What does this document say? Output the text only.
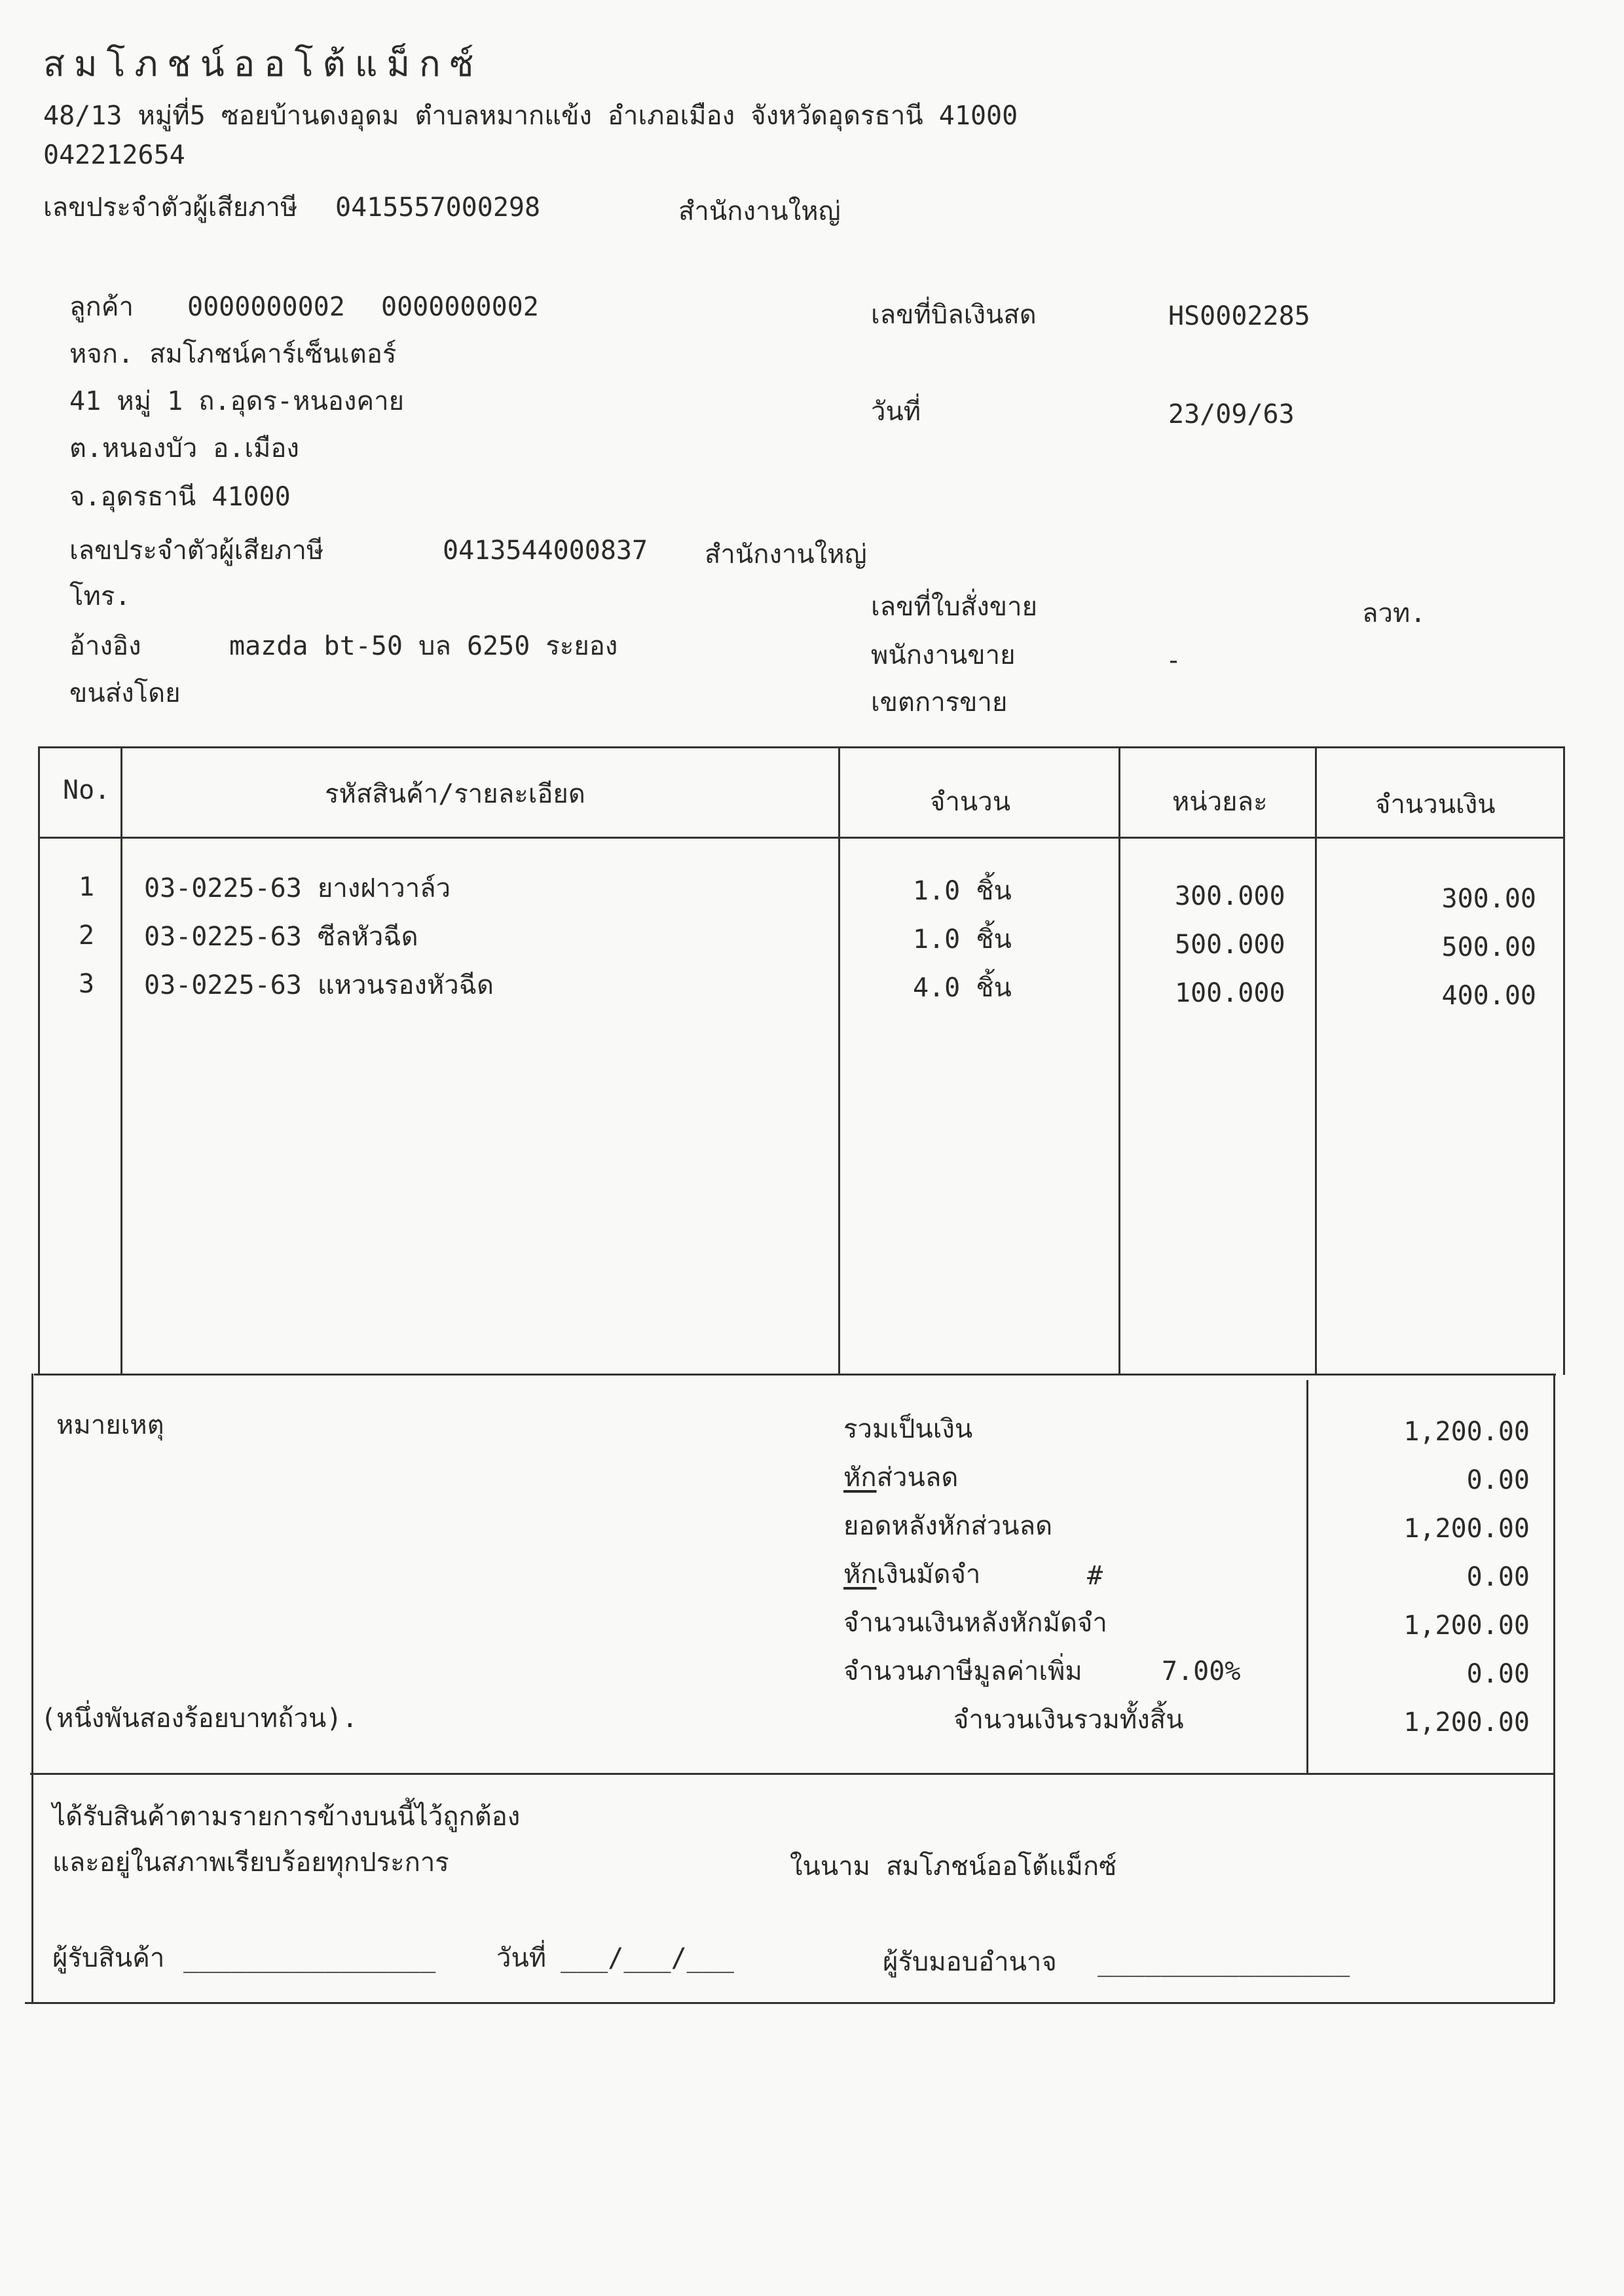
สมโภชน์ออโต้แม็กซ์
48/13 หมู่ที่5 ซอยบ้านดงอุดม ตำบลหมากแข้ง อำเภอเมือง จังหวัดอุดรธานี 41000
042212654
เลขประจำตัวผู้เสียภาษี 0415557000298	สำนักงานใหญ่
ลูกค้า 0000000002 0000000002
หจก. สมโภชน์คาร์เซ็นเตอร์
41 หมู่ 1 ถ.อุดร-หนองคาย
ต.หนองบัว อ.เมือง
จ.อุดรธานี 41000
เลขประจำตัวผู้เสียภาษี	0413544000837 สำนักงานใหญ่
โทร.
อ้างอิง	mazda bt-50 บล 6250 ระยอง
ขนส่งโดย
เลขที่บิลเงินสด	HS0002285
วันที่	23/09/63
เลขที่ใบสั่งขาย	ลวท.
พนักงานขาย	-
เขตการขาย
No.	รหัสสินค้า/รายละเอียด	จำนวน	หน่วยละ	จำนวนเงิน
1 03-0225-63 ยางฝาวาล์ว	1.0 ชิ้น	300.000	300.00
2 03-0225-63 ซีลหัวฉีด	1.0 ชิ้น	500.000	500.00
3 03-0225-63 แหวนรองหัวฉีด	4.0 ชิ้น	100.000	400.00
หมายเหตุ
(หนึ่งพันสองร้อยบาทถ้วน).
รวมเป็นเงิน	1,200.00
หักส่วนลด	0.00
ยอดหลังหักส่วนลด	1,200.00
หักเงินมัดจำ	#	0.00
จำนวนเงินหลังหักมัดจำ	1,200.00
จำนวนภาษีมูลค่าเพิ่ม	7.00%	0.00
จำนวนเงินรวมทั้งสิ้น	1,200.00
ได้รับสินค้าตามรายการข้างบนนี้ไว้ถูกต้อง
และอยู่ในสภาพเรียบร้อยทุกประการ	ในนาม สมโภชน์ออโต้แม็กซ์
ผู้รับสินค้า ________________ วันที่ ___/___/___	ผู้รับมอบอำนาจ ________________
